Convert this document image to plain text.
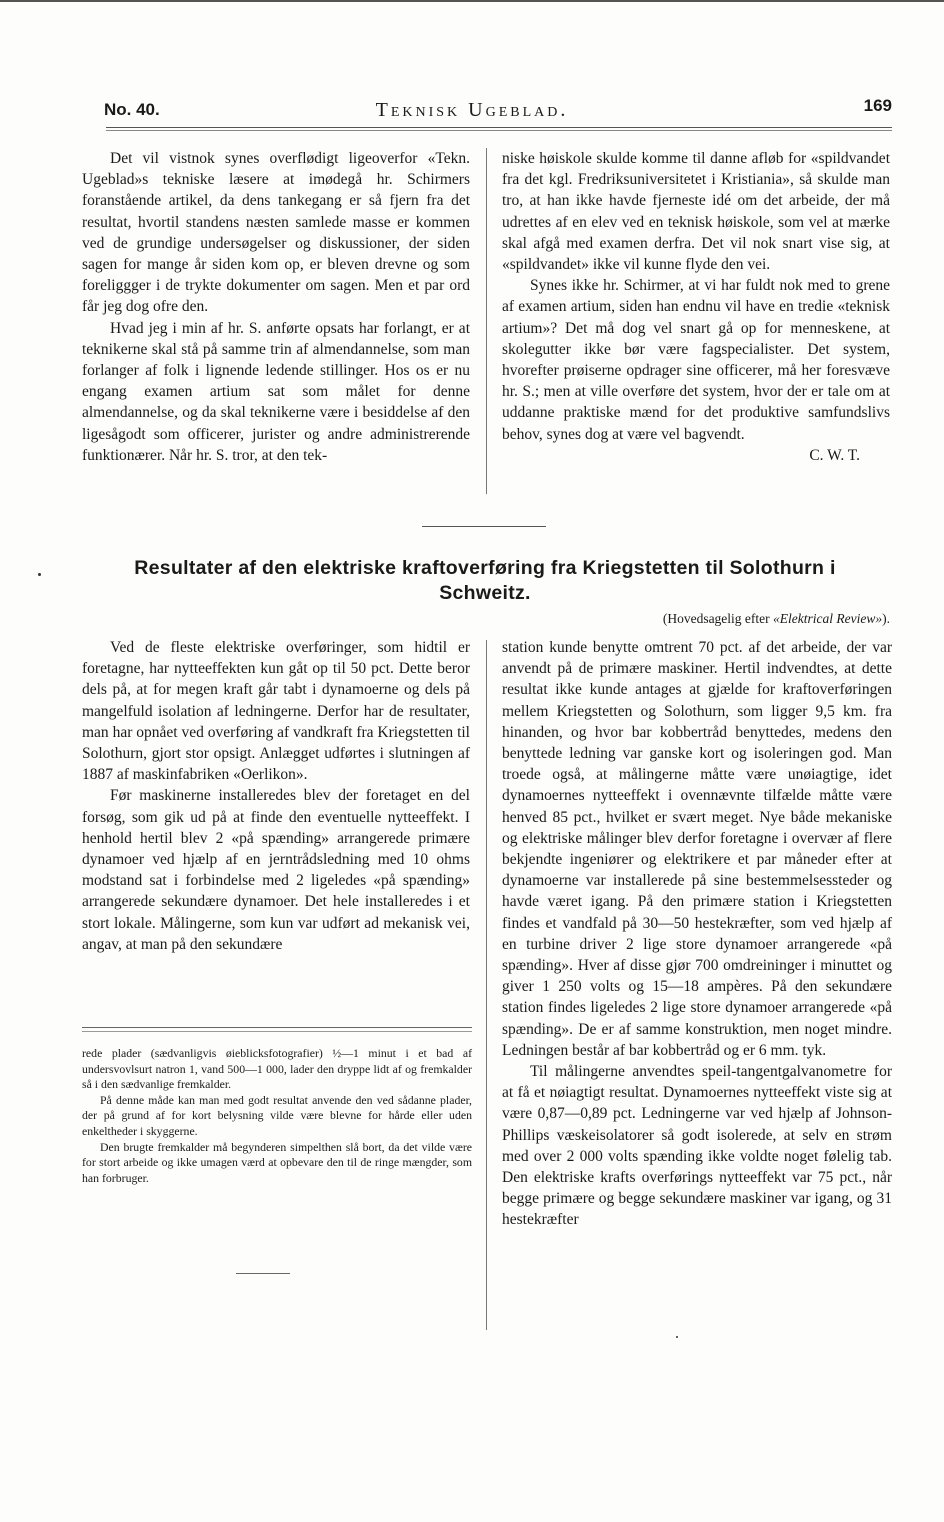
No. 40.	Teknisk Ugeblad.	169

Det vil vistnok synes overflødigt ligeoverfor «Tekn. Ugeblad»s tekniske læsere at imødegå hr. Schirmers foranstående artikel, da dens tankegang er så fjern fra det resultat, hvortil standens næsten samlede masse er kommen ved de grundige undersøgelser og diskussioner, der siden sagen for mange år siden kom op, er bleven drevne og som foreliggger i de trykte dokumenter om sagen. Men et par ord får jeg dog ofre den.

Hvad jeg i min af hr. S. anførte opsats har forlangt, er at teknikerne skal stå på samme trin af almendannelse, som man forlanger af folk i lignende ledende stillinger. Hos os er nu engang examen artium sat som målet for denne almendannelse, og da skal teknikerne være i besiddelse af den ligesågodt som officerer, jurister og andre administrerende funktionærer. Når hr. S. tror, at den tek-

niske høiskole skulde komme til danne afløb for «spildvandet fra det kgl. Fredriksuniversitetet i Kristiania», så skulde man tro, at han ikke havde fjerneste idé om det arbeide, der må udrettes af en elev ved en teknisk høiskole, som vel at mærke skal afgå med examen derfra. Det vil nok snart vise sig, at «spildvandet» ikke vil kunne flyde den vei.

Synes ikke hr. Schirmer, at vi har fuldt nok med to grene af examen artium, siden han endnu vil have en tredie «teknisk artium»? Det må dog vel snart gå op for menneskene, at skolegutter ikke bør være fagspecialister. Det system, hvorefter prøiserne opdrager sine officerer, må her foresvæve hr. S.; men at ville overføre det system, hvor der er tale om at uddanne praktiske mænd for det produktive samfundslivs behov, synes dog at være vel bagvendt.

C. W. T.

Resultater af den elektriske kraftoverføring fra Kriegstetten til Solothurn i Schweitz.
(Hovedsagelig efter «Elektrical Review»).

Ved de fleste elektriske overføringer, som hidtil er foretagne, har nytteeffekten kun gåt op til 50 pct. Dette beror dels på, at for megen kraft går tabt i dynamoerne og dels på mangelfuld isolation af ledningerne. Derfor har de resultater, man har opnået ved overføring af vandkraft fra Kriegstetten til Solothurn, gjort stor opsigt. Anlægget udførtes i slutningen af 1887 af maskinfabriken «Oerlikon».

Før maskinerne installeredes blev der foretaget en del forsøg, som gik ud på at finde den eventuelle nytteeffekt. I henhold hertil blev 2 «på spænding» arrangerede primære dynamoer ved hjælp af en jerntrådsledning med 10 ohms modstand sat i forbindelse med 2 ligeledes «på spænding» arrangerede sekundære dynamoer. Det hele installeredes i et stort lokale. Målingerne, som kun var udført ad mekanisk vei, angav, at man på den sekundære

station kunde benytte omtrent 70 pct. af det arbeide, der var anvendt på de primære maskiner. Hertil indvendtes, at dette resultat ikke kunde antages at gjælde for kraftoverføringen mellem Kriegstetten og Solothurn, som ligger 9,5 km. fra hinanden, og hvor bar kobbertråd benyttedes, medens den benyttede ledning var ganske kort og isoleringen god. Man troede også, at målingerne måtte være unøiagtige, idet dynamoernes nytteeffekt i ovennævnte tilfælde måtte være henved 85 pct., hvilket er svært meget. Nye både mekaniske og elektriske målinger blev derfor foretagne i overvær af flere bekjendte ingeniører og elektrikere et par måneder efter at dynamoerne var installerede på sine bestemmelsessteder og havde været igang. På den primære station i Kriegstetten findes et vandfald på 30—50 hestekræfter, som ved hjælp af en turbine driver 2 lige store dynamoer arrangerede «på spænding». Hver af disse gjør 700 omdreininger i minuttet og giver 1 250 volts og 15—18 ampères. På den sekundære station findes ligeledes 2 lige store dynamoer arrangerede «på spænding». De er af samme konstruktion, men noget mindre. Ledningen består af bar kobbertråd og er 6 mm. tyk.

Til målingerne anvendtes speil-tangentgalvanometre for at få et nøiagtigt resultat. Dynamoernes nytteeffekt viste sig at være 0,87—0,89 pct. Ledningerne var ved hjælp af Johnson-Phillips væskeisolatorer så godt isolerede, at selv en strøm med over 2 000 volts spænding ikke voldte noget følelig tab. Den elektriske krafts overførings nytteeffekt var 75 pct., når begge primære og begge sekundære maskiner var igang, og 31 hestekræfter

rede plader (sædvanligvis øieblicksfotografier) ½—1 minut i et bad af undersvovlsurt natron 1, vand 500—1 000, lader den dryppe lidt af og fremkalder så i den sædvanlige fremkalder.

På denne måde kan man med godt resultat anvende den ved sådanne plader, der på grund af for kort belysning vilde være blevne for hårde eller uden enkeltheder i skyggerne.

Den brugte fremkalder må begynderen simpelthen slå bort, da det vilde være for stort arbeide og ikke umagen værd at opbevare den til de ringe mængder, som han forbruger.
